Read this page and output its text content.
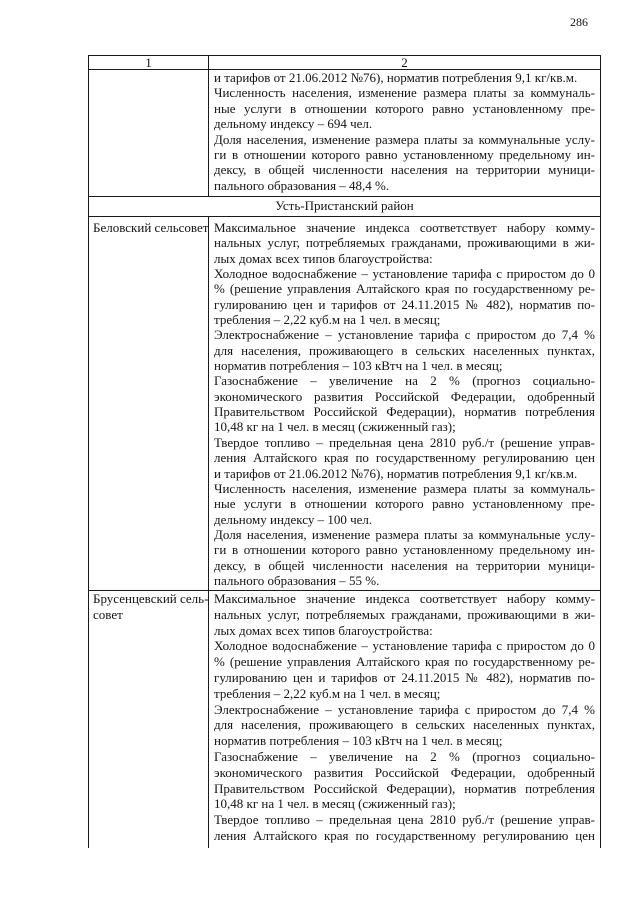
286
1	2
и тарифов от 21.06.2012 №76), норматив потребления 9,1 кг/кв.м.
Численность населения, изменение размера платы за коммуналь-
ные услуги в отношении которого равно установленному пре-
дельному индексу – 694 чел.
Доля населения, изменение размера платы за коммунальные услу-
ги в отношении которого равно установленному предельному ин-
дексу, в общей численности населения на территории муници-
пального образования – 48,4 %.
Усть-Пристанский район
Беловский сельсовет Максимальное значение индекса соответствует набору комму-
нальных услуг, потребляемых гражданами, проживающими в жи-
лых домах всех типов благоустройства:
Холодное водоснабжение – установление тарифа с приростом до 0
% (решение управления Алтайского края по государственному ре-
гулированию цен и тарифов от 24.11.2015 № 482), норматив по-
требления – 2,22 куб.м на 1 чел. в месяц;
Электроснабжение – установление тарифа с приростом до 7,4 %
для населения, проживающего в сельских населенных пунктах,
норматив потребления – 103 кВтч на 1 чел. в месяц;
Газоснабжение – увеличение на 2 % (прогноз социально-
экономического развития Российской Федерации, одобренный
Правительством Российской Федерации), норматив потребления
10,48 кг на 1 чел. в месяц (сжиженный газ);
Твердое топливо – предельная цена 2810 руб./т (решение управ-
ления Алтайского края по государственному регулированию цен
и тарифов от 21.06.2012 №76), норматив потребления 9,1 кг/кв.м.
Численность населения, изменение размера платы за коммуналь-
ные услуги в отношении которого равно установленному пре-
дельному индексу – 100 чел.
Доля населения, изменение размера платы за коммунальные услу-
ги в отношении которого равно установленному предельному ин-
дексу, в общей численности населения на территории муници-
пального образования – 55 %.
Брусенцевский сель-
совет
Максимальное значение индекса соответствует набору комму-
нальных услуг, потребляемых гражданами, проживающими в жи-
лых домах всех типов благоустройства:
Холодное водоснабжение – установление тарифа с приростом до 0
% (решение управления Алтайского края по государственному ре-
гулированию цен и тарифов от 24.11.2015 № 482), норматив по-
требления – 2,22 куб.м на 1 чел. в месяц;
Электроснабжение – установление тарифа с приростом до 7,4 %
для населения, проживающего в сельских населенных пунктах,
норматив потребления – 103 кВтч на 1 чел. в месяц;
Газоснабжение – увеличение на 2 % (прогноз социально-
экономического развития Российской Федерации, одобренный
Правительством Российской Федерации), норматив потребления
10,48 кг на 1 чел. в месяц (сжиженный газ);
Твердое топливо – предельная цена 2810 руб./т (решение управ-
ления Алтайского края по государственному регулированию цен
